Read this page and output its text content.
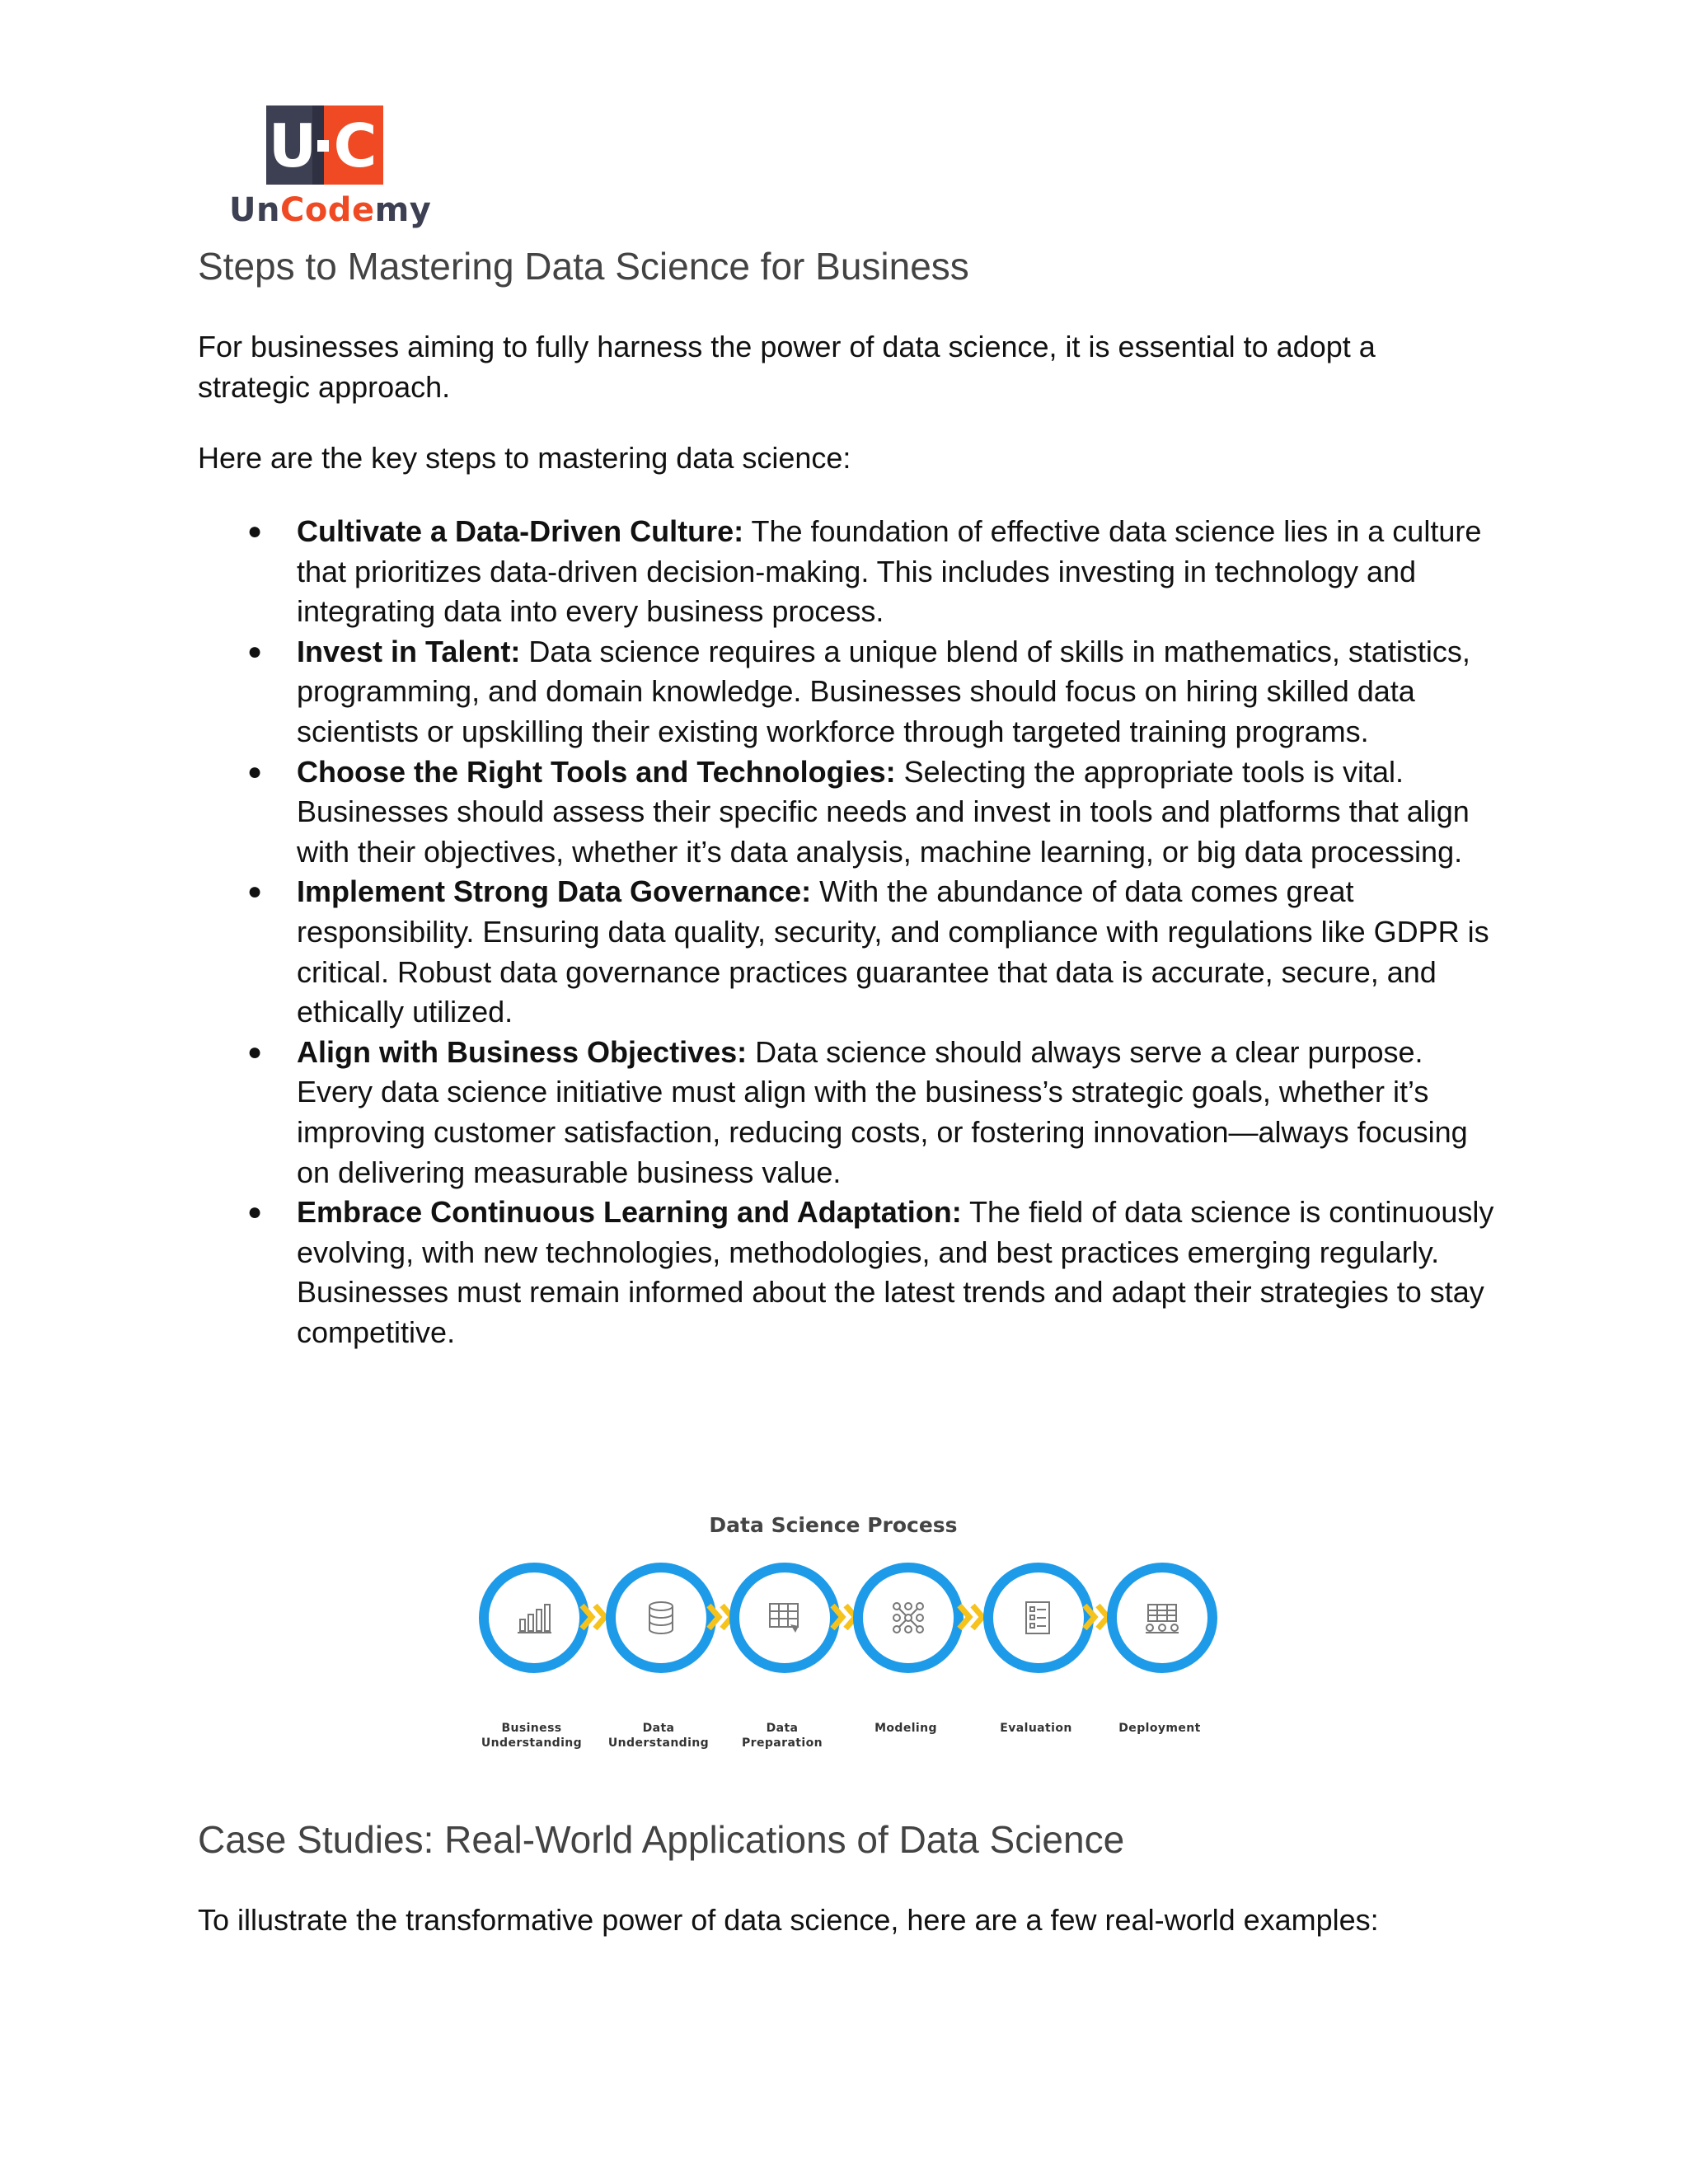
U C
UnCodemy
Steps to Mastering Data Science for Business

For businesses aiming to fully harness the power of data science, it is essential to adopt a strategic approach.

Here are the key steps to mastering data science:

● Cultivate a Data-Driven Culture: The foundation of effective data science lies in a culture that prioritizes data-driven decision-making. This includes investing in technology and integrating data into every business process.
● Invest in Talent: Data science requires a unique blend of skills in mathematics, statistics, programming, and domain knowledge. Businesses should focus on hiring skilled data scientists or upskilling their existing workforce through targeted training programs.
● Choose the Right Tools and Technologies: Selecting the appropriate tools is vital. Businesses should assess their specific needs and invest in tools and platforms that align with their objectives, whether it’s data analysis, machine learning, or big data processing.
● Implement Strong Data Governance: With the abundance of data comes great responsibility. Ensuring data quality, security, and compliance with regulations like GDPR is critical. Robust data governance practices guarantee that data is accurate, secure, and ethically utilized.
● Align with Business Objectives: Data science should always serve a clear purpose. Every data science initiative must align with the business’s strategic goals, whether it’s improving customer satisfaction, reducing costs, or fostering innovation—always focusing on delivering measurable business value.
● Embrace Continuous Learning and Adaptation: The field of data science is continuously evolving, with new technologies, methodologies, and best practices emerging regularly. Businesses must remain informed about the latest trends and adapt their strategies to stay competitive.
Data Science Process
Business
Understanding
Data
Understanding
Data
Preparation
Modeling	Evaluation	Deployment
Case Studies: Real-World Applications of Data Science

To illustrate the transformative power of data science, here are a few real-world examples:
